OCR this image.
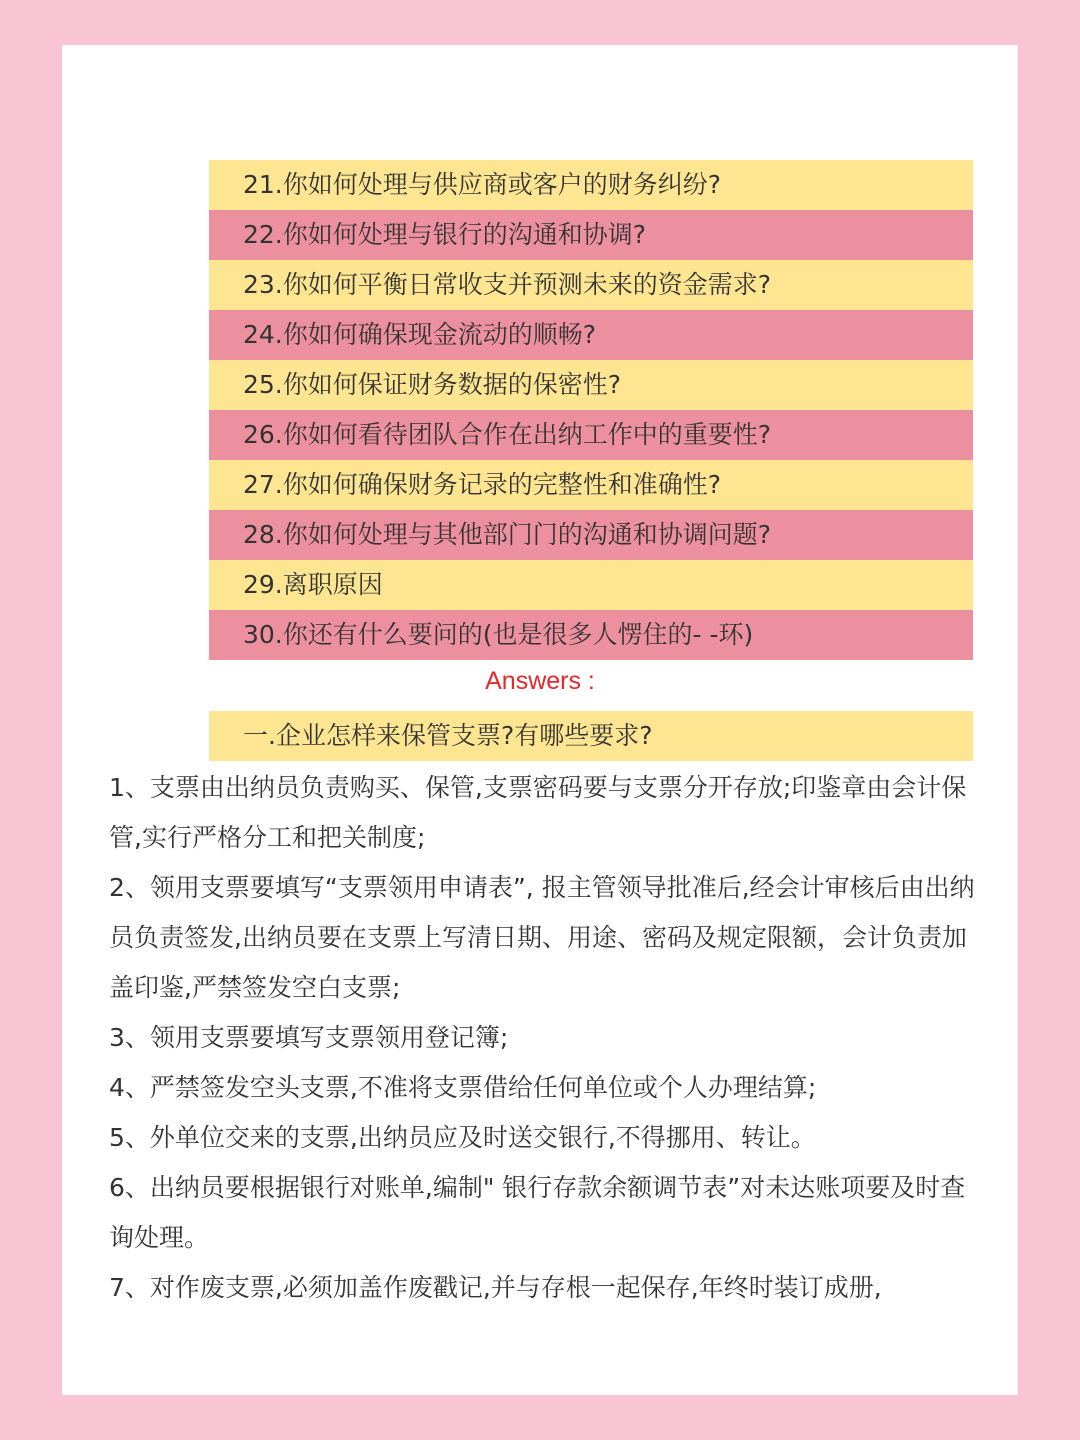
21.你如何处理与供应商或客户的财务纠纷?
22.你如何处理与银行的沟通和协调?
23.你如何平衡日常收支并预测未来的资金需求?
24.你如何确保现金流动的顺畅?
25.你如何保证财务数据的保密性?
26.你如何看待团队合作在出纳工作中的重要性?
27.你如何确保财务记录的完整性和准确性?
28.你如何处理与其他部门门的沟通和协调问题?
29.离职原因
30.你还有什么要问的(也是很多人愣住的- -环)
Answers :
一.企业怎样来保管支票?有哪些要求?

1、支票由出纳员负责购买、保管,支票密码要与支票分开存放;印鉴章由会计保管,实行严格分工和把关制度;

2、领用支票要填写“支票领用申请表”, 报主管领导批准后,经会计审核后由出纳员负责签发,出纳员要在支票上写清日期、用途、密码及规定限额，会计负责加盖印鉴,严禁签发空白支票;

3、领用支票要填写支票领用登记簿;

4、严禁签发空头支票,不准将支票借给任何单位或个人办理结算;

5、外单位交来的支票,出纳员应及时送交银行,不得挪用、转让。

6、出纳员要根据银行对账单,编制" 银行存款余额调节表”对未达账项要及时查询处理。

7、对作废支票,必须加盖作废戳记,并与存根一起保存,年终时装订成册,
